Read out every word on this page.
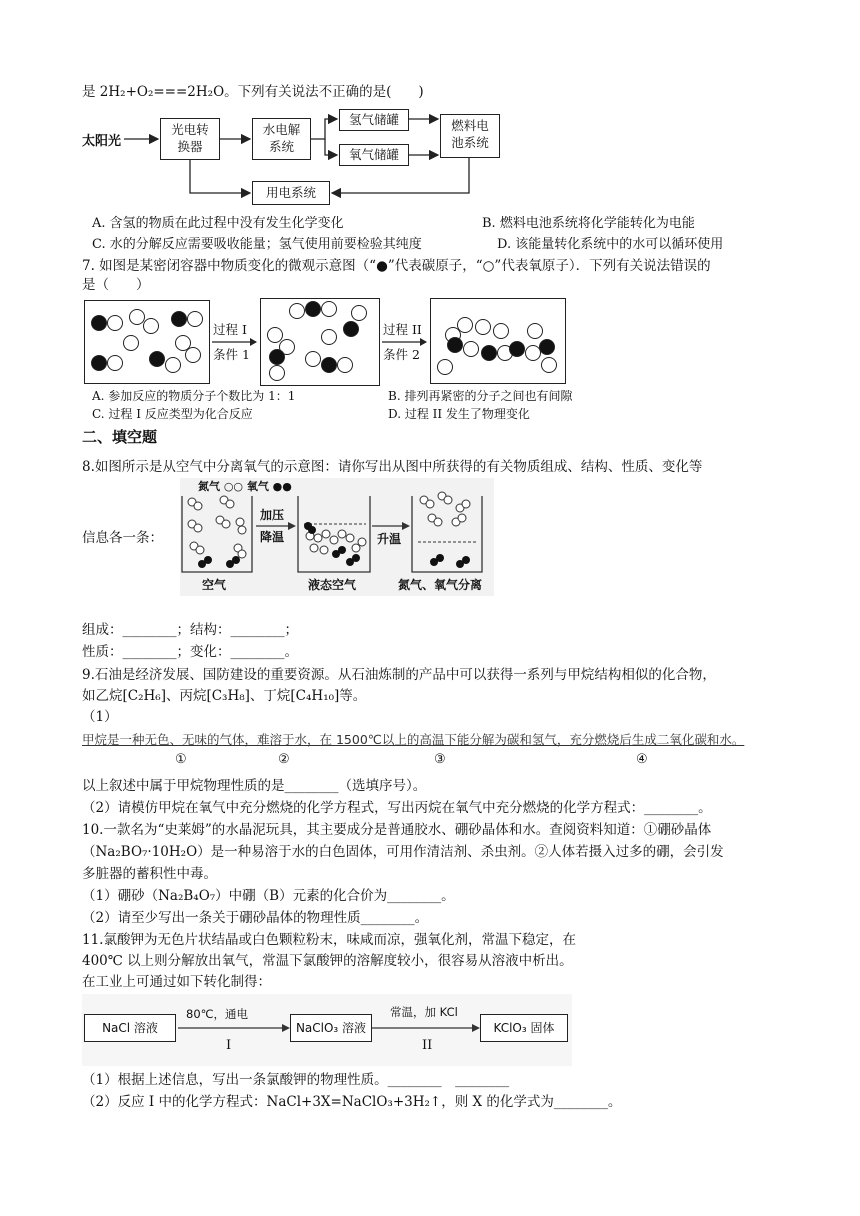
是 2H₂+O₂===2H₂O。下列有关说法不正确的是(　　)
太阳光
光电转
换器
水电解
系统
氢气储罐
氧气储罐
燃料电
池系统
用电系统
A. 含氢的物质在此过程中没有发生化学变化	B. 燃料电池系统将化学能转化为电能
C. 水的分解反应需要吸收能量；氢气使用前要检验其纯度	D. 该能量转化系统中的水可以循环使用
7. 如图是某密闭容器中物质变化的微观示意图（“●”代表碳原子，“○”代表氧原子）．下列有关说法错误的
是（　　）
过程 I
条件 1
过程 II
条件 2
A. 参加反应的物质分子个数比为 1：1	B. 排列再紧密的分子之间也有间隙
C. 过程 I 反应类型为化合反应	D. 过程 II 发生了物理变化
二、填空题
8.如图所示是从空气中分离氧气的示意图：请你写出从图中所获得的有关物质组成、结构、性质、变化等
信息各一条：
氮气 ○○ 氧气 ●●
加压
降温	升温
空气	液态空气	氮气、氧气分离
组成：________；结构：________；
性质：________；变化：________。
9.石油是经济发展、国防建设的重要资源。从石油炼制的产品中可以获得一系列与甲烷结构相似的化合物，
如乙烷[C₂H₆]、丙烷[C₃H₈]、丁烷[C₄H₁₀]等。
（1）
甲烷是一种无色、无味的气体，难溶于水，在 1500℃以上的高温下能分解为碳和氢气，充分燃烧后生成二氧化碳和水。
①	②	③	④
以上叙述中属于甲烷物理性质的是________（选填序号）。
（2）请模仿甲烷在氧气中充分燃烧的化学方程式，写出丙烷在氧气中充分燃烧的化学方程式：________。
10.一款名为“史莱姆”的水晶泥玩具，其主要成分是普通胶水、硼砂晶体和水。查阅资料知道：①硼砂晶体
（Na₂BO₇·10H₂O）是一种易溶于水的白色固体，可用作清洁剂、杀虫剂。②人体若摄入过多的硼，会引发
多脏器的蓄积性中毒。
（1）硼砂（Na₂B₄O₇）中硼（B）元素的化合价为________。
（2）请至少写出一条关于硼砂晶体的物理性质________。
11.氯酸钾为无色片状结晶或白色颗粒粉末，味咸而凉，强氧化剂，常温下稳定，在
400℃ 以上则分解放出氧气，常温下氯酸钾的溶解度较小，很容易从溶液中析出。
在工业上可通过如下转化制得：
NaCl 溶液	NaClO₃ 溶液	KClO₃ 固体
80℃，通电	常温，加 KCl
I	II
（1）根据上述信息，写出一条氯酸钾的物理性质。________　________
（2）反应 I 中的化学方程式：NaCl+3X=NaClO₃+3H₂↑，则 X 的化学式为________。
